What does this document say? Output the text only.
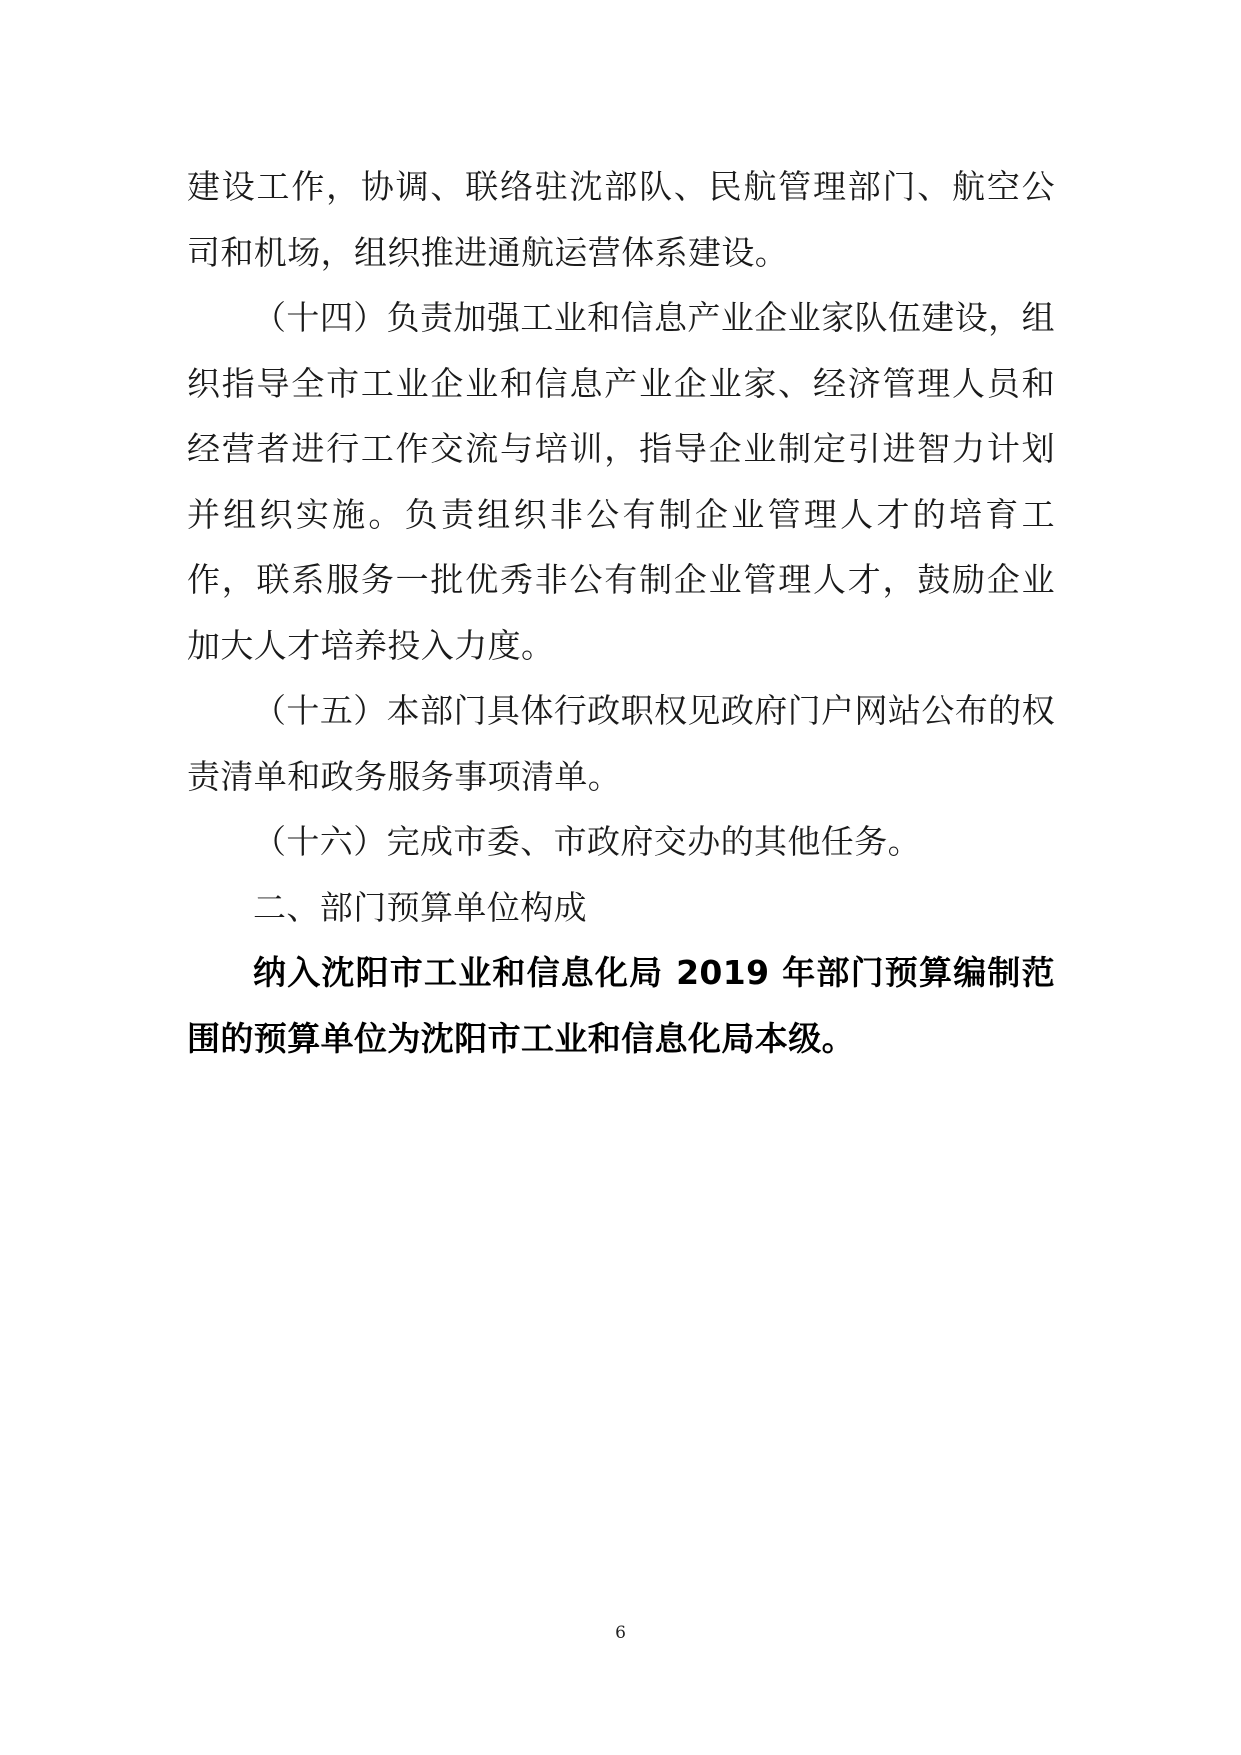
建设工作，协调、联络驻沈部队、民航管理部门、航空公司和机场，组织推进通航运营体系建设。

（十四）负责加强工业和信息产业企业家队伍建设，组织指导全市工业企业和信息产业企业家、经济管理人员和经营者进行工作交流与培训，指导企业制定引进智力计划并组织实施。负责组织非公有制企业管理人才的培育工作，联系服务一批优秀非公有制企业管理人才，鼓励企业加大人才培养投入力度。

（十五）本部门具体行政职权见政府门户网站公布的权责清单和政务服务事项清单。

（十六）完成市委、市政府交办的其他任务。

二、部门预算单位构成

纳入沈阳市工业和信息化局 2019 年部门预算编制范围的预算单位为沈阳市工业和信息化局本级。

6
